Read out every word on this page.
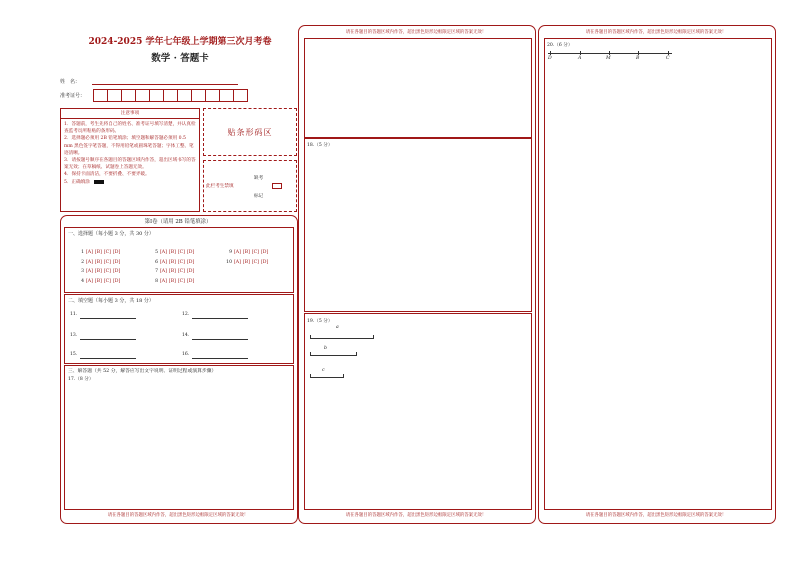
2024-2025 学年七年级上学期第三次月考卷
数学 · 答题卡
姓　名：
准考证号：
注意事项
1．答题前，考生先将自己的姓名、准考证号填写清楚，并认真检查监考员所粘贴的条形码。
2．选择题必须用 2B 铅笔填涂；填空题和解答题必须用 0.5 mm 黑色签字笔答题，不得用铅笔或圆珠笔答题；字体工整、笔迹清晰。
3．请按题号顺序在各题目的答题区域内作答，超出区域书写的答案无效；在草稿纸、试题卷上答题无效。
4．保持卡面清洁，不要折叠、不要弄破。
5．正确填涂
贴条形码区
缺考
此栏考生禁填
标记
第Ⅰ卷（请用 2B 铅笔填涂）
一、选择题（每小题 3 分，共 30 分）
1 [A] [B] [C] [D]
2 [A] [B] [C] [D]
3 [A] [B] [C] [D]
4 [A] [B] [C] [D]
5 [A] [B] [C] [D]
6 [A] [B] [C] [D]
7 [A] [B] [C] [D]
8 [A] [B] [C] [D]
9 [A] [B] [C] [D]
10 [A] [B] [C] [D]
二、填空题（每小题 3 分，共 18 分）
11.	12.
13.	14.
15.	16.
三、解答题（共 52 分，解答应写出文字说明、证明过程或演算步骤）
17.（8 分）
请在各题目的答题区域内作答，超出黑色矩形边框限定区域的答案无效！
请在各题目的答题区域内作答，超出黑色矩形边框限定区域的答案无效！
18.（5 分）
19.（5 分）
a
b
c
请在各题目的答题区域内作答，超出黑色矩形边框限定区域的答案无效！
请在各题目的答题区域内作答，超出黑色矩形边框限定区域的答案无效！
20.（6 分）
D	A	M	B	C
请在各题目的答题区域内作答，超出黑色矩形边框限定区域的答案无效！
